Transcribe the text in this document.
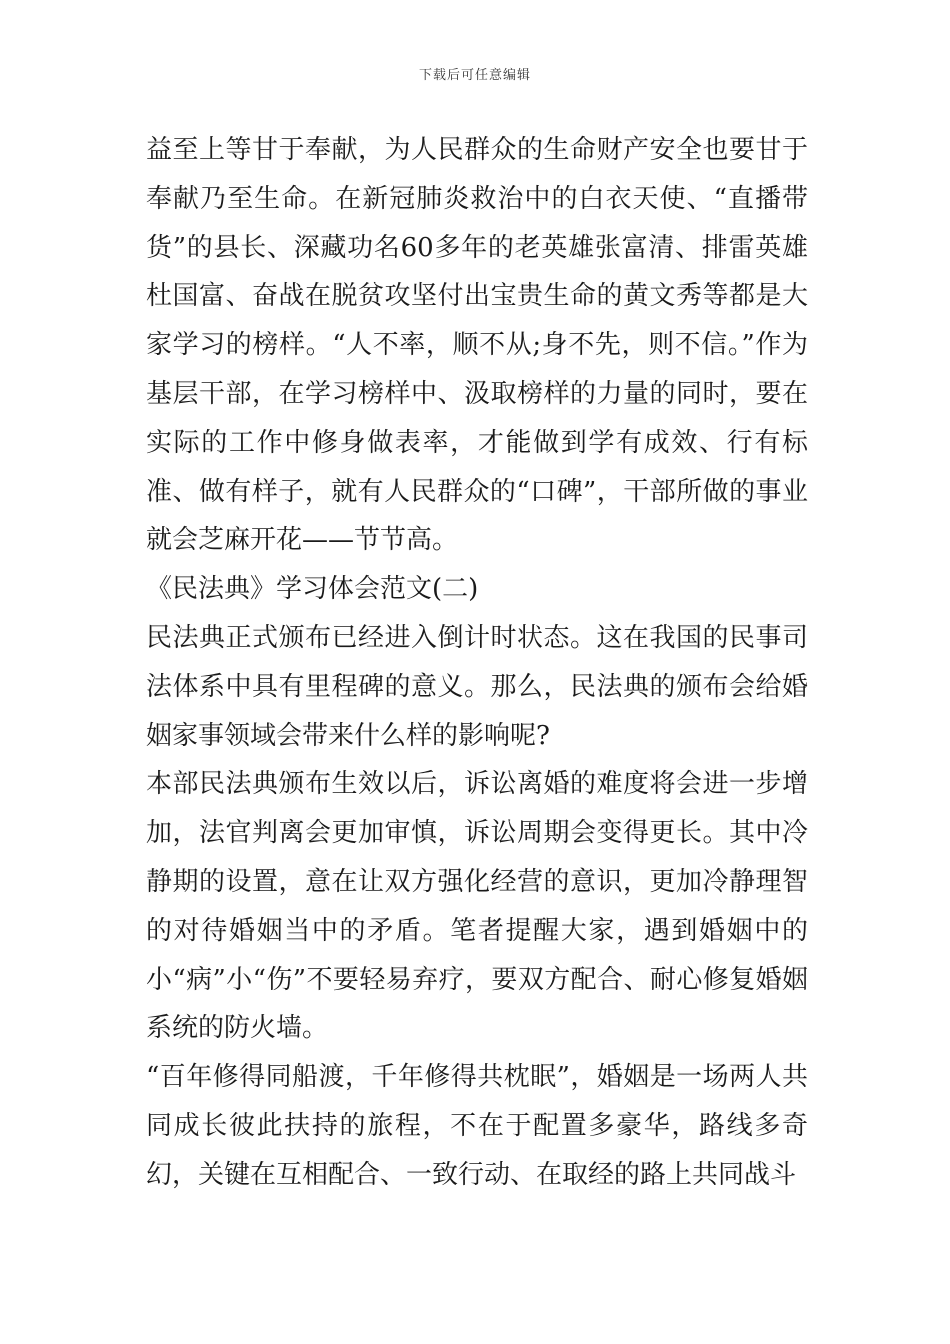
下载后可任意编辑

益至上等甘于奉献，为人民群众的生命财产安全也要甘于奉献乃至生命。在新冠肺炎救治中的白衣天使、“直播带货”的县长、深藏功名60多年的老英雄张富清、排雷英雄杜国富、奋战在脱贫攻坚付出宝贵生命的黄文秀等都是大家学习的榜样。“人不率，顺不从;身不先，则不信。”作为基层干部，在学习榜样中、汲取榜样的力量的同时，要在实际的工作中修身做表率，才能做到学有成效、行有标准、做有样子，就有人民群众的“口碑”，干部所做的事业就会芝麻开花——节节高。

《民法典》学习体会范文(二)

民法典正式颁布已经进入倒计时状态。这在我国的民事司法体系中具有里程碑的意义。那么，民法典的颁布会给婚姻家事领域会带来什么样的影响呢?

本部民法典颁布生效以后，诉讼离婚的难度将会进一步增加，法官判离会更加审慎，诉讼周期会变得更长。其中冷静期的设置，意在让双方强化经营的意识，更加冷静理智的对待婚姻当中的矛盾。笔者提醒大家，遇到婚姻中的小“病”小“伤”不要轻易弃疗，要双方配合、耐心修复婚姻系统的防火墙。

“百年修得同船渡，千年修得共枕眠”，婚姻是一场两人共同成长彼此扶持的旅程，不在于配置多豪华，路线多奇幻，关键在互相配合、一致行动、在取经的路上共同战斗
